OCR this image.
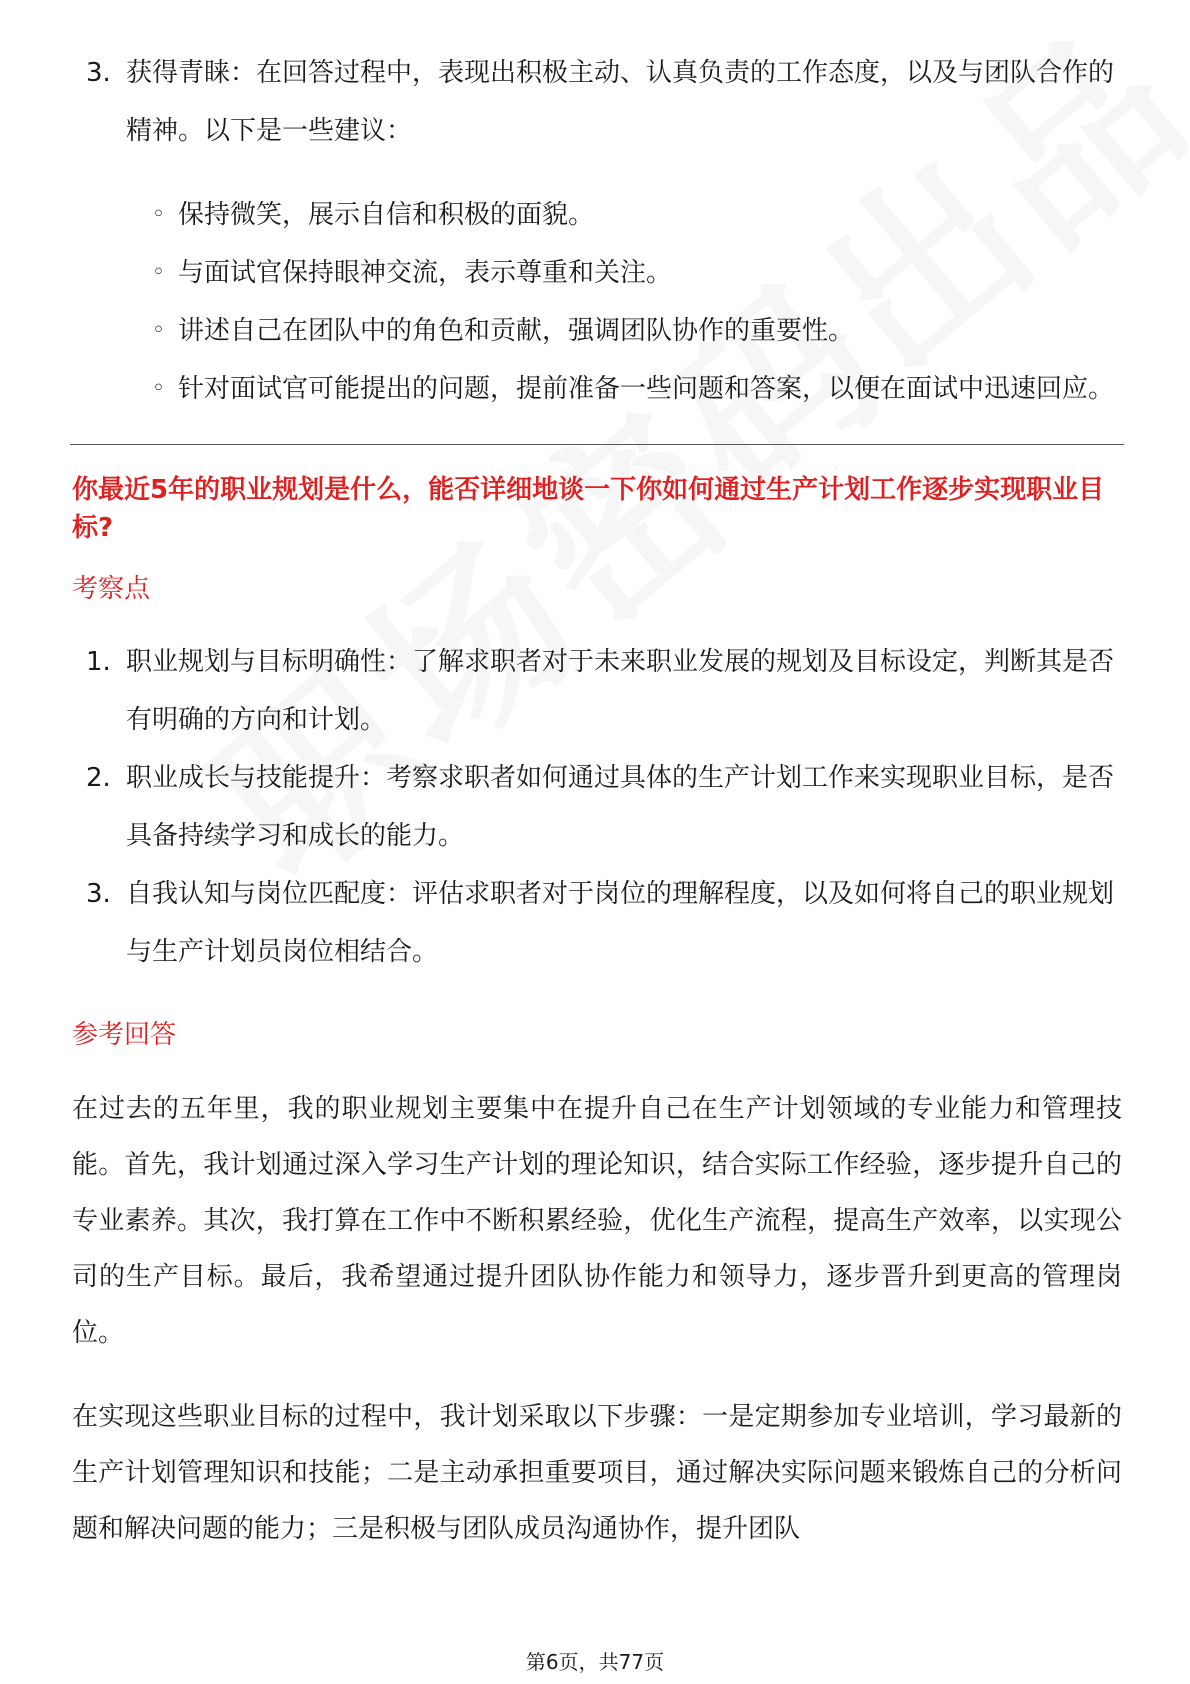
3. 获得青睐：在回答过程中，表现出积极主动、认真负责的工作态度，以及与团队合作的精神。以下是一些建议：
◦ 保持微笑，展示自信和积极的面貌。
◦ 与面试官保持眼神交流，表示尊重和关注。
◦ 讲述自己在团队中的角色和贡献，强调团队协作的重要性。
◦ 针对面试官可能提出的问题，提前准备一些问题和答案，以便在面试中迅速回应。
你最近5年的职业规划是什么，能否详细地谈一下你如何通过生产计划工作逐步实现职业目标?
考察点
1. 职业规划与目标明确性：了解求职者对于未来职业发展的规划及目标设定，判断其是否有明确的方向和计划。
2. 职业成长与技能提升：考察求职者如何通过具体的生产计划工作来实现职业目标，是否具备持续学习和成长的能力。
3. 自我认知与岗位匹配度：评估求职者对于岗位的理解程度，以及如何将自己的职业规划与生产计划员岗位相结合。
参考回答
在过去的五年里，我的职业规划主要集中在提升自己在生产计划领域的专业能力和管理技能。首先，我计划通过深入学习生产计划的理论知识，结合实际工作经验，逐步提升自己的专业素养。其次，我打算在工作中不断积累经验，优化生产流程，提高生产效率，以实现公司的生产目标。最后，我希望通过提升团队协作能力和领导力，逐步晋升到更高的管理岗位。
在实现这些职业目标的过程中，我计划采取以下步骤：一是定期参加专业培训，学习最新的生产计划管理知识和技能；二是主动承担重要项目，通过解决实际问题来锻炼自己的分析问题和解决问题的能力；三是积极与团队成员沟通协作，提升团队
第6页，共77页
